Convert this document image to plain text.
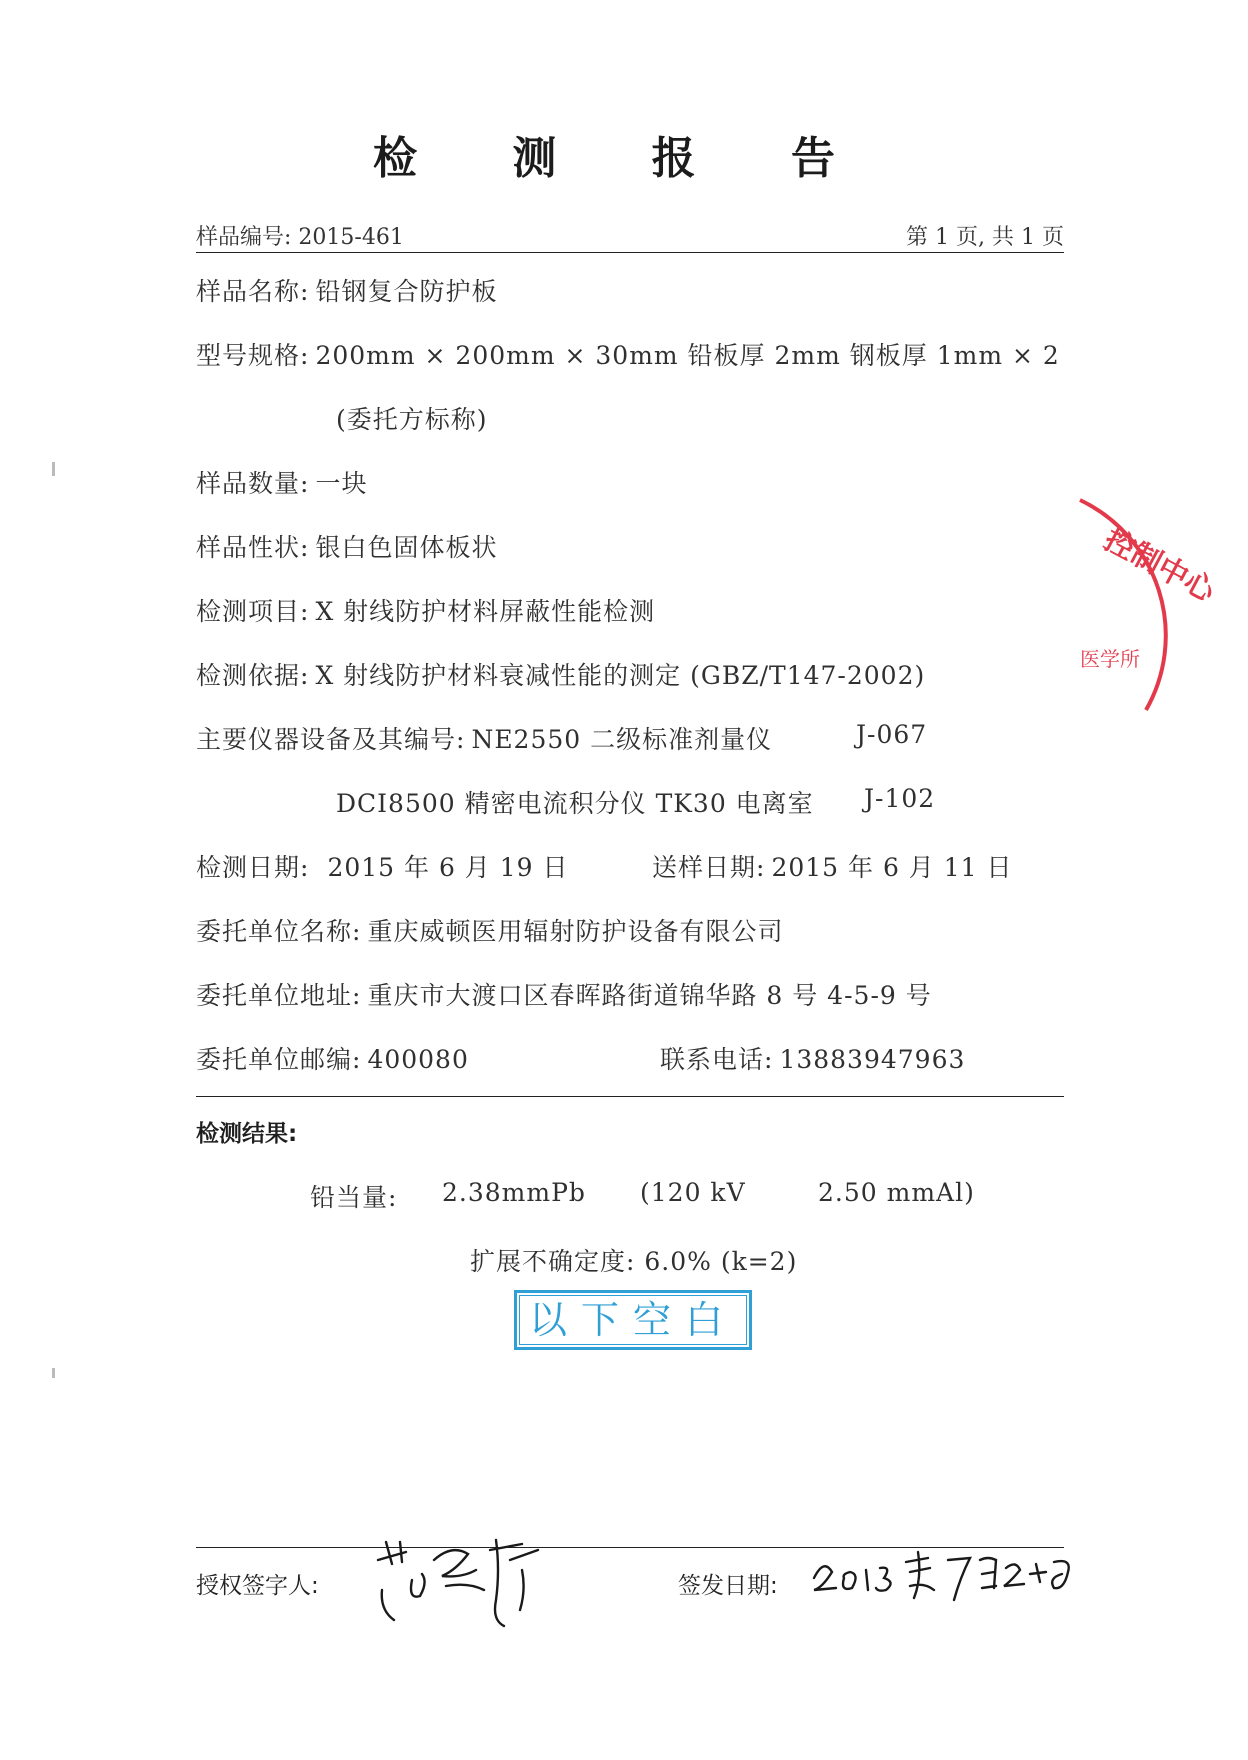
检 测 报 告
样品编号: 2015-461	第 1 页, 共 1 页
样品名称: 铅钢复合防护板
型号规格: 200mm × 200mm × 30mm 铅板厚 2mm 钢板厚 1mm × 2
(委托方标称)
样品数量: 一块
样品性状: 银白色固体板状
检测项目: X 射线防护材料屏蔽性能检测
检测依据: X 射线防护材料衰减性能的测定 (GBZ/T147-2002)
主要仪器设备及其编号: NE2550 二级标准剂量仪	J-067
DCI8500 精密电流积分仪 TK30 电离室 J-102
检测日期: 2015 年 6 月 19 日	送样日期: 2015 年 6 月 11 日
委托单位名称: 重庆威顿医用辐射防护设备有限公司
委托单位地址: 重庆市大渡口区春晖路街道锦华路 8 号 4-5-9 号
委托单位邮编: 400080	联系电话: 13883947963
检测结果:
铅当量: 2.38mmPb (120 kV	2.50 mmAl)
扩展不确定度: 6.0% (k=2)
以下空白
控制中心
医学所
授权签字人:	签发日期:
